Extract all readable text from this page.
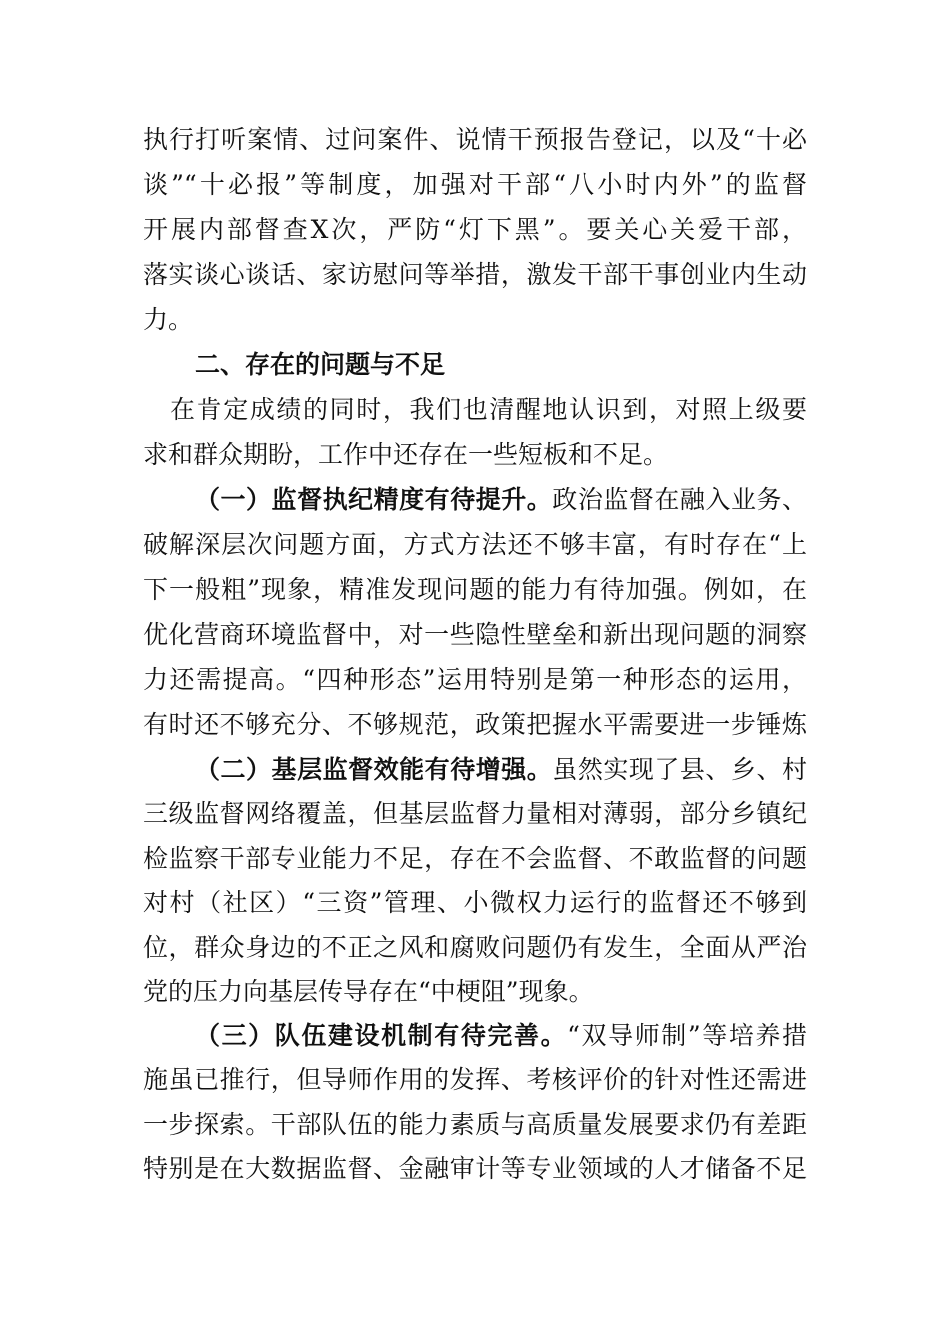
执行打听案情、过问案件、说情干预报告登记，以及“十必
谈”“十必报”等制度，加强对干部“八小时内外”的监督
开展内部督查X次，严防“灯下黑”。要关心关爱干部，
落实谈心谈话、家访慰问等举措，激发干部干事创业内生动
力。
二、存在的问题与不足
在肯定成绩的同时，我们也清醒地认识到，对照上级要
求和群众期盼，工作中还存在一些短板和不足。
（一）监督执纪精度有待提升。政治监督在融入业务、
破解深层次问题方面，方式方法还不够丰富，有时存在“上
下一般粗”现象，精准发现问题的能力有待加强。例如，在
优化营商环境监督中，对一些隐性壁垒和新出现问题的洞察
力还需提高。“四种形态”运用特别是第一种形态的运用，
有时还不够充分、不够规范，政策把握水平需要进一步锤炼
（二）基层监督效能有待增强。虽然实现了县、乡、村
三级监督网络覆盖，但基层监督力量相对薄弱，部分乡镇纪
检监察干部专业能力不足，存在不会监督、不敢监督的问题
对村（社区）“三资”管理、小微权力运行的监督还不够到
位，群众身边的不正之风和腐败问题仍有发生，全面从严治
党的压力向基层传导存在“中梗阻”现象。
（三）队伍建设机制有待完善。“双导师制”等培养措
施虽已推行，但导师作用的发挥、考核评价的针对性还需进
一步探索。干部队伍的能力素质与高质量发展要求仍有差距
特别是在大数据监督、金融审计等专业领域的人才储备不足
